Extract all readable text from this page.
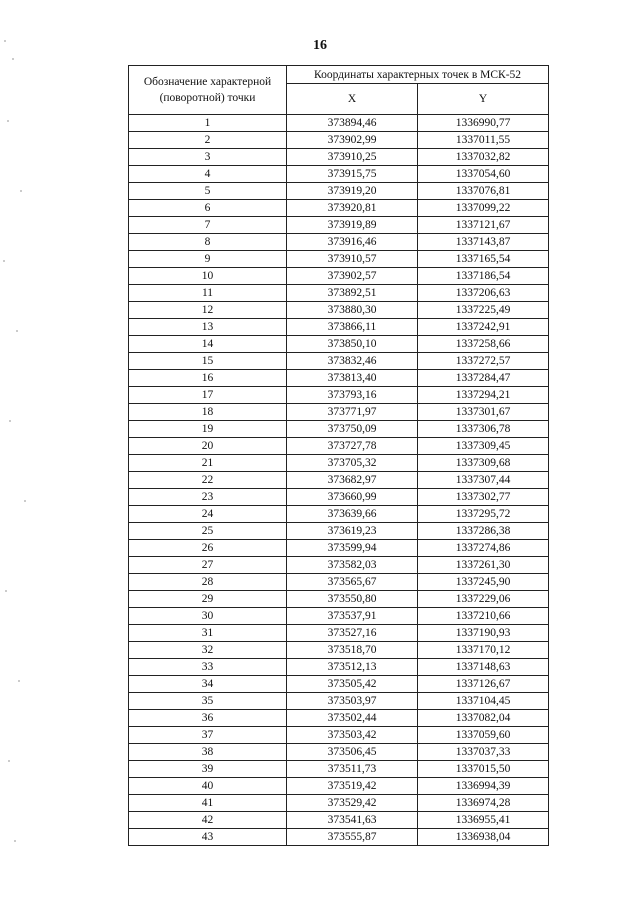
16
Обозначение характерной (поворотной) точки	Координаты характерных точек в МСК-52	
	X	Y
1	373894,46	1336990,77
2	373902,99	1337011,55
3	373910,25	1337032,82
4	373915,75	1337054,60
5	373919,20	1337076,81
6	373920,81	1337099,22
7	373919,89	1337121,67
8	373916,46	1337143,87
9	373910,57	1337165,54
10	373902,57	1337186,54
11	373892,51	1337206,63
12	373880,30	1337225,49
13	373866,11	1337242,91
14	373850,10	1337258,66
15	373832,46	1337272,57
16	373813,40	1337284,47
17	373793,16	1337294,21
18	373771,97	1337301,67
19	373750,09	1337306,78
20	373727,78	1337309,45
21	373705,32	1337309,68
22	373682,97	1337307,44
23	373660,99	1337302,77
24	373639,66	1337295,72
25	373619,23	1337286,38
26	373599,94	1337274,86
27	373582,03	1337261,30
28	373565,67	1337245,90
29	373550,80	1337229,06
30	373537,91	1337210,66
31	373527,16	1337190,93
32	373518,70	1337170,12
33	373512,13	1337148,63
34	373505,42	1337126,67
35	373503,97	1337104,45
36	373502,44	1337082,04
37	373503,42	1337059,60
38	373506,45	1337037,33
39	373511,73	1337015,50
40	373519,42	1336994,39
41	373529,42	1336974,28
42	373541,63	1336955,41
43	373555,87	1336938,04
